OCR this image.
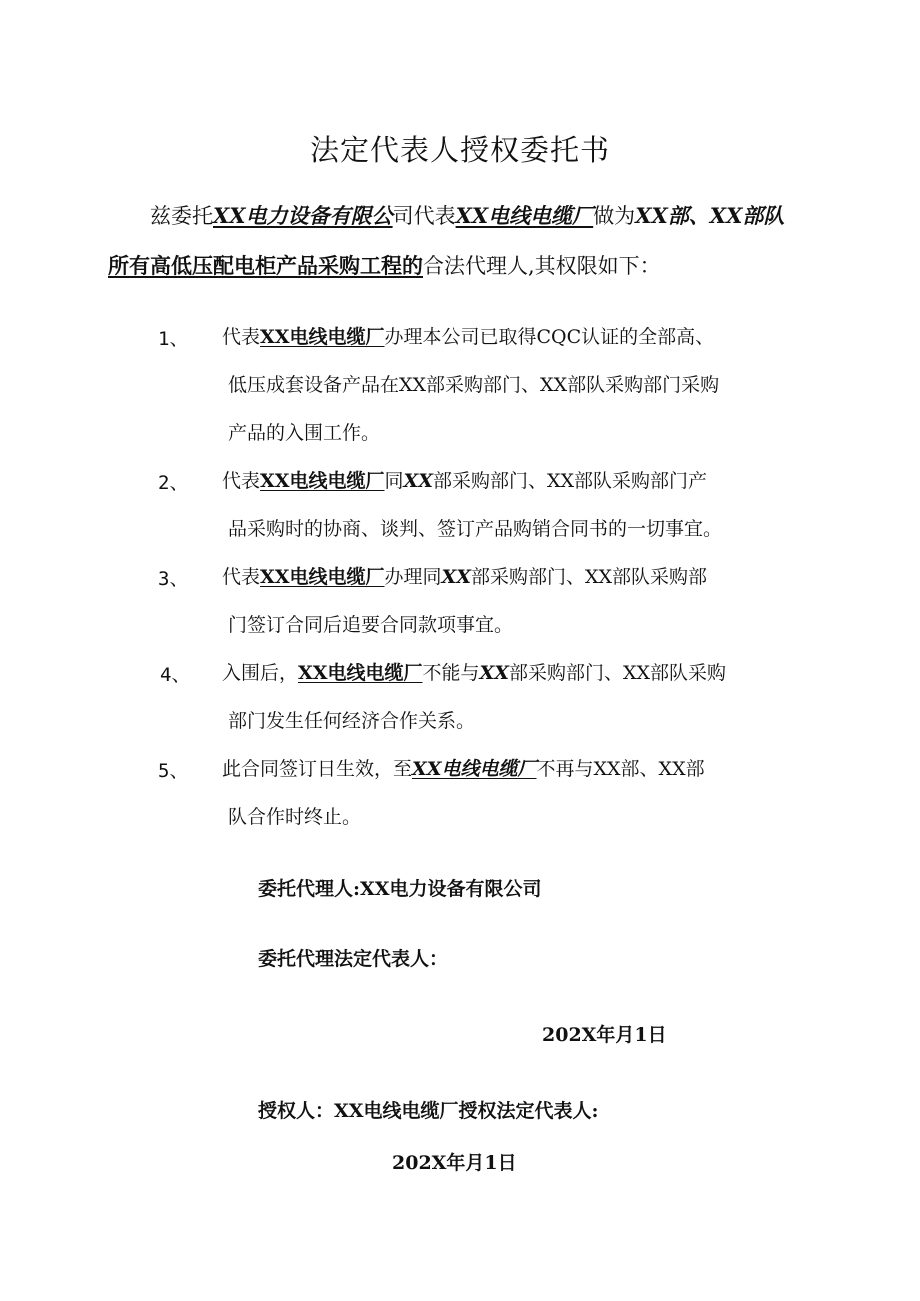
法定代表人授权委托书
兹委托XX电力设备有限公司代表XX电线电缆厂做为XX部、XX部队
所有高低压配电柜产品采购工程的合法代理人,其权限如下：
1、 代表XX电线电缆厂办理本公司已取得CQC认证的全部高、
低压成套设备产品在XX部采购部门、XX部队采购部门采购
产品的入围工作。
2、 代表XX电线电缆厂同XX部采购部门、XX部队采购部门产
品采购时的协商、谈判、签订产品购销合同书的一切事宜。
3、 代表XX电线电缆厂办理同XX部采购部门、XX部队采购部
门签订合同后追要合同款项事宜。
4、 入围后，XX电线电缆厂不能与XX部采购部门、XX部队采购
部门发生任何经济合作关系。
5、 此合同签订日生效，至XX电线电缆厂不再与XX部、XX部
队合作时终止。
委托代理人:XX电力设备有限公司
委托代理法定代表人：
202X年月1日
授权人：XX电线电缆厂授权法定代表人:
202X年月1日
